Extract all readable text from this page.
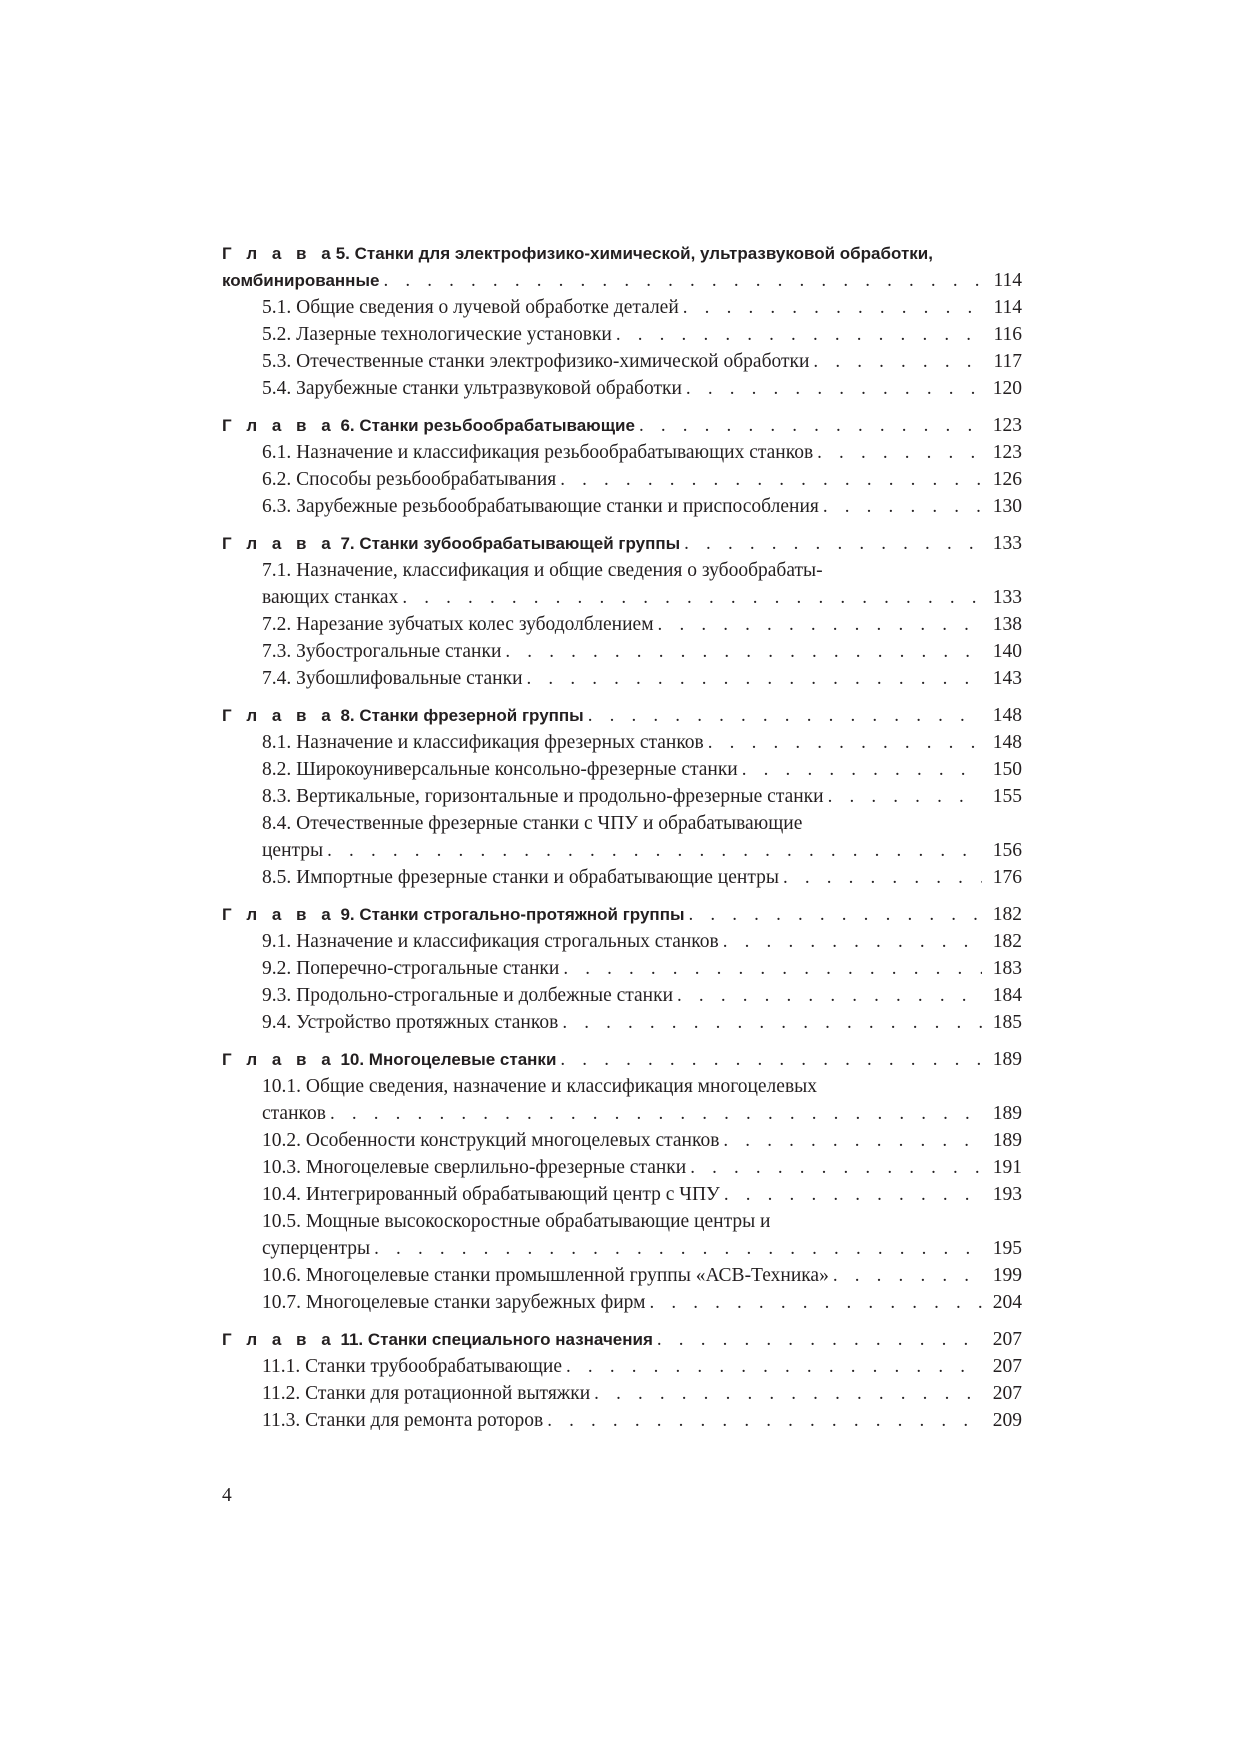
Г л а в а 5. Станки для электрофизико-химической, ультразвуковой обработки,
комбинированные . . .	114
5.1. Общие сведения о лучевой обработке деталей . . .	114
5.2. Лазерные технологические установки . . .	116
5.3. Отечественные станки электрофизико-химической обработки . . .	117
5.4. Зарубежные станки ультразвуковой обработки . . .	120
Г л а в а 6. Станки резьбообрабатывающие . . .	123
6.1. Назначение и классификация резьбообрабатывающих станков . . .	123
6.2. Способы резьбообрабатывания . . .	126
6.3. Зарубежные резьбообрабатывающие станки и приспособления . . .	130
Г л а в а 7. Станки зубообрабатывающей группы . . .	133
7.1. Назначение, классификация и общие сведения о зубообрабаты-
вающих станках . . .	133
7.2. Нарезание зубчатых колес зубодолблением . . .	138
7.3. Зубострогальные станки . . .	140
7.4. Зубошлифовальные станки . . .	143
Г л а в а 8. Станки фрезерной группы . . .	148
8.1. Назначение и классификация фрезерных станков . . .	148
8.2. Широкоуниверсальные консольно-фрезерные станки . . .	150
8.3. Вертикальные, горизонтальные и продольно-фрезерные станки . . .	155
8.4. Отечественные фрезерные станки с ЧПУ и обрабатывающие
центры . . .	156
8.5. Импортные фрезерные станки и обрабатывающие центры . . .	176
Г л а в а 9. Станки строгально-протяжной группы . . .	182
9.1. Назначение и классификация строгальных станков . . .	182
9.2. Поперечно-строгальные станки . . .	183
9.3. Продольно-строгальные и долбежные станки . . .	184
9.4. Устройство протяжных станков . . .	185
Г л а в а 10. Многоцелевые станки . . .	189
10.1. Общие сведения, назначение и классификация многоцелевых
станков . . .	189
10.2. Особенности конструкций многоцелевых станков . . .	189
10.3. Многоцелевые сверлильно-фрезерные станки . . .	191
10.4. Интегрированный обрабатывающий центр с ЧПУ . . .	193
10.5. Мощные высокоскоростные обрабатывающие центры и
суперцентры . . .	195
10.6. Многоцелевые станки промышленной группы «АСВ-Техника» . . .	199
10.7. Многоцелевые станки зарубежных фирм . . .	204
Г л а в а 11. Станки специального назначения . . .	207
11.1. Станки трубообрабатывающие . . .	207
11.2. Станки для ротационной вытяжки . . .	207
11.3. Станки для ремонта роторов . . .	209
4
